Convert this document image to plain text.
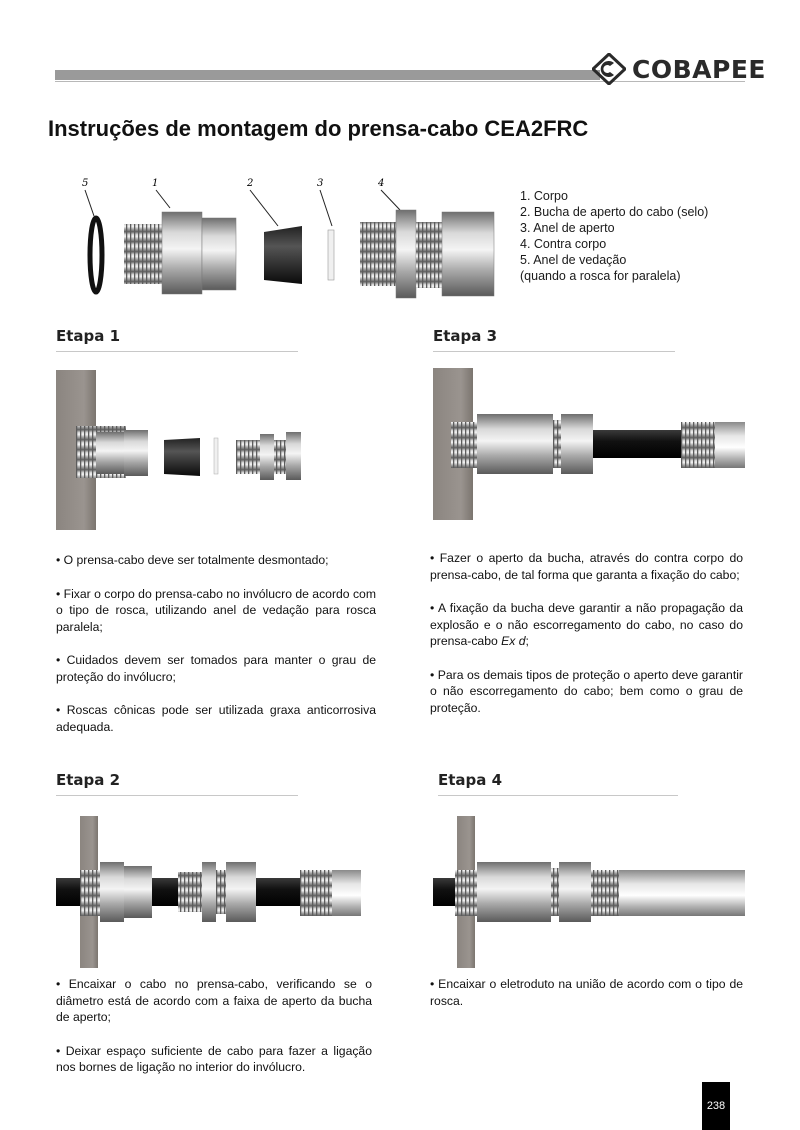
COBAPEE
Instruções de montagem do prensa-cabo CEA2FRC
5	1	2	3	4
1. Corpo
2. Bucha de aperto do cabo (selo)
3. Anel de aperto
4. Contra corpo
5. Anel de vedação
(quando a rosca for paralela)
Etapa 1

• O prensa-cabo deve ser totalmente desmontado;

• Fixar o corpo do prensa-cabo no invólucro de acordo com o tipo de rosca, utilizando anel de vedação para rosca paralela;

• Cuidados devem ser tomados para manter o grau de proteção do invólucro;

• Roscas cônicas pode ser utilizada graxa anticorrosiva adequada.

Etapa 3

• Fazer o aperto da bucha, através do contra corpo do prensa-cabo, de tal forma que garanta a fixação do cabo;

• A fixação da bucha deve garantir a não propagação da explosão e o não escorregamento do cabo, no caso do prensa-cabo Ex d;

• Para os demais tipos de proteção o aperto deve garantir o não escorregamento do cabo; bem como o grau de proteção.

Etapa 2

• Encaixar o cabo no prensa-cabo, verificando se o diâmetro está de acordo com a faixa de aperto da bucha de aperto;

• Deixar espaço suficiente de cabo para fazer a ligação nos bornes de ligação no interior do invólucro.

Etapa 4

• Encaixar o eletroduto na união de acordo com o tipo de rosca.

238
